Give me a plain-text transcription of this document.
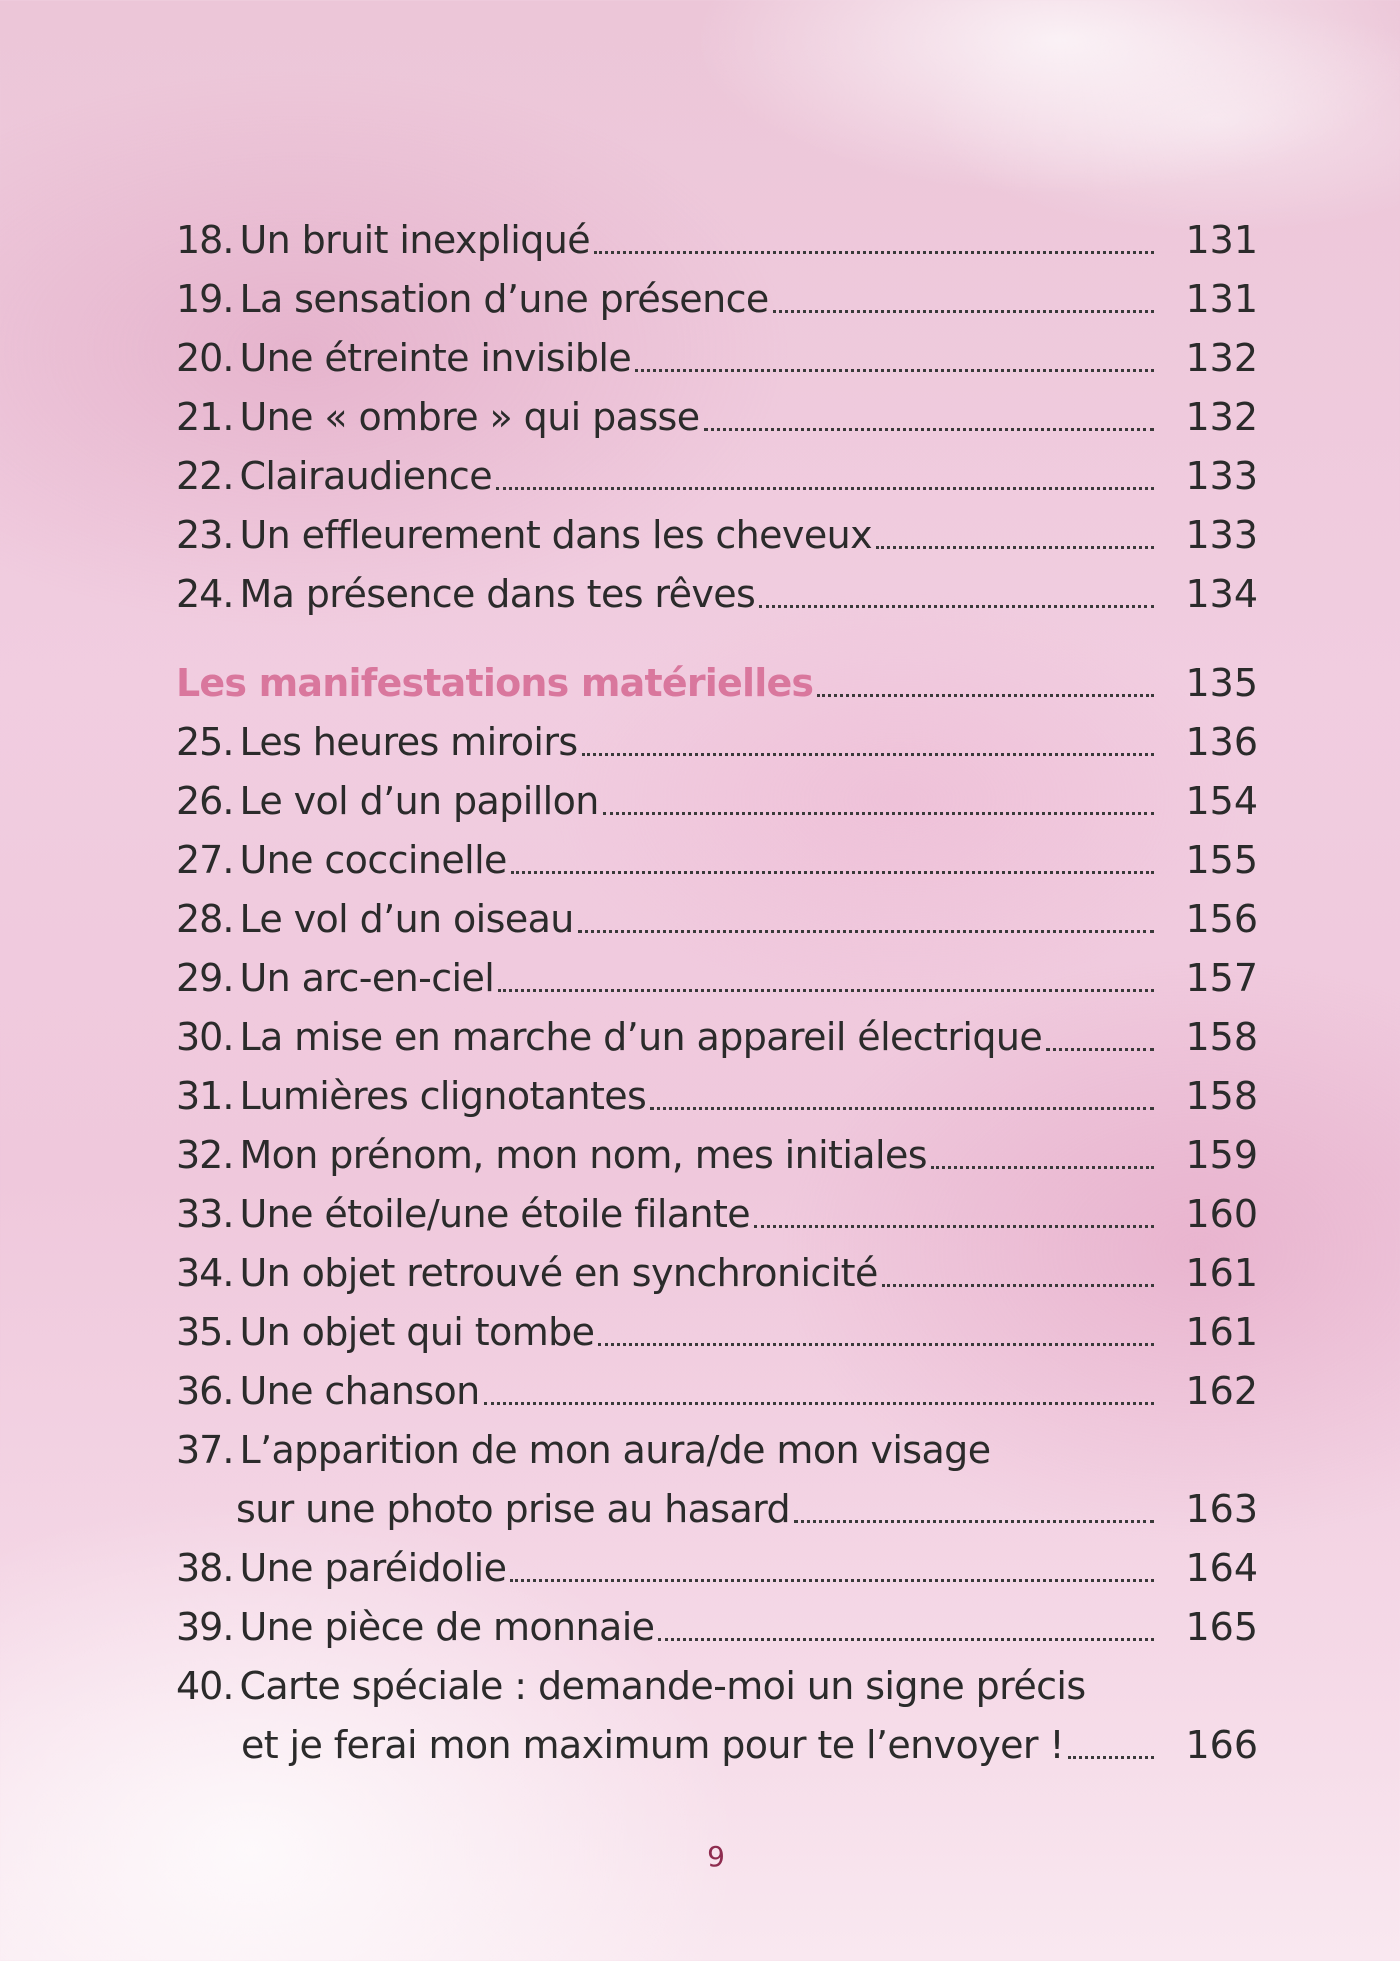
18. Un bruit inexpliqué	131
19. La sensation d’une présence	131
20. Une étreinte invisible	132
21. Une « ombre » qui passe	132
22. Clairaudience	133
23. Un effleurement dans les cheveux	133
24. Ma présence dans tes rêves	134
Les manifestations matérielles	135
25. Les heures miroirs	136
26. Le vol d’un papillon	154
27. Une coccinelle	155
28. Le vol d’un oiseau	156
29. Un arc-en-ciel	157
30. La mise en marche d’un appareil électrique	158
31. Lumières clignotantes	158
32. Mon prénom, mon nom, mes initiales	159
33. Une étoile/une étoile filante	160
34. Un objet retrouvé en synchronicité	161
35. Un objet qui tombe	161
36. Une chanson	162
37. L’apparition de mon aura/de mon visage
sur une photo prise au hasard	163
38. Une paréidolie	164
39. Une pièce de monnaie	165
40. Carte spéciale : demande-moi un signe précis
et je ferai mon maximum pour te l’envoyer !	166
9
